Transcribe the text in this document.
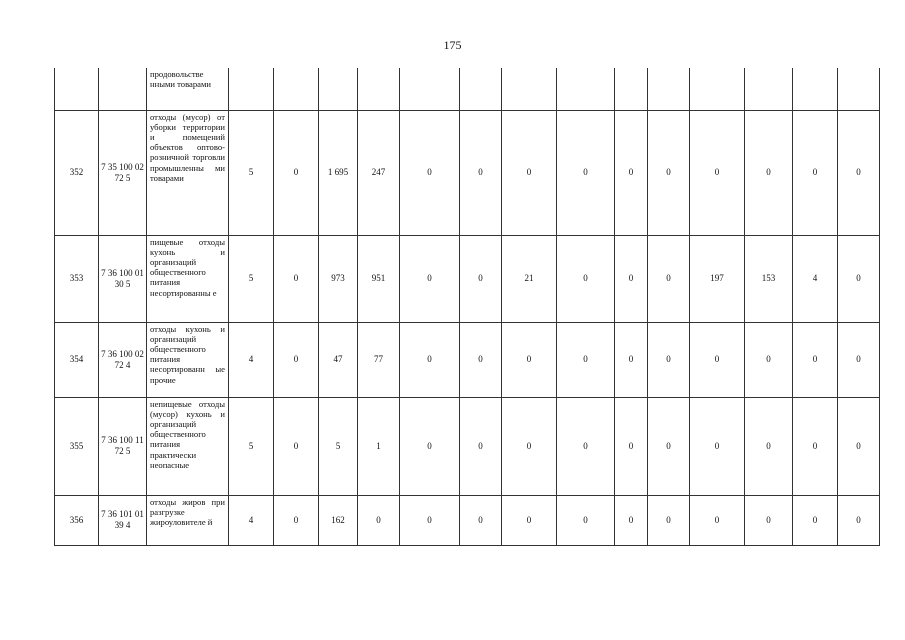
175
		продовольстве нными товарами														
352	7 35 100 02 72 5	отходы (мусор) от уборки территории и помещений объектов оптово-розничной торговли промышленны ми товарами	5	0	1 695	247	0	0	0	0	0	0	0	0	0	0
353	7 36 100 01 30 5	пищевые отходы кухонь и организаций общественного питания несортированны е	5	0	973	951	0	0	21	0	0	0	197	153	4	0
354	7 36 100 02 72 4	отходы кухонь и организаций общественного питания несортированн ые прочие	4	0	47	77	0	0	0	0	0	0	0	0	0	0
355	7 36 100 11 72 5	непищевые отходы (мусор) кухонь и организаций общественного питания практически неопасные	5	0	5	1	0	0	0	0	0	0	0	0	0	0
356	7 36 101 01 39 4	отходы жиров при разгрузке жироуловителе й	4	0	162	0	0	0	0	0	0	0	0	0	0	0
